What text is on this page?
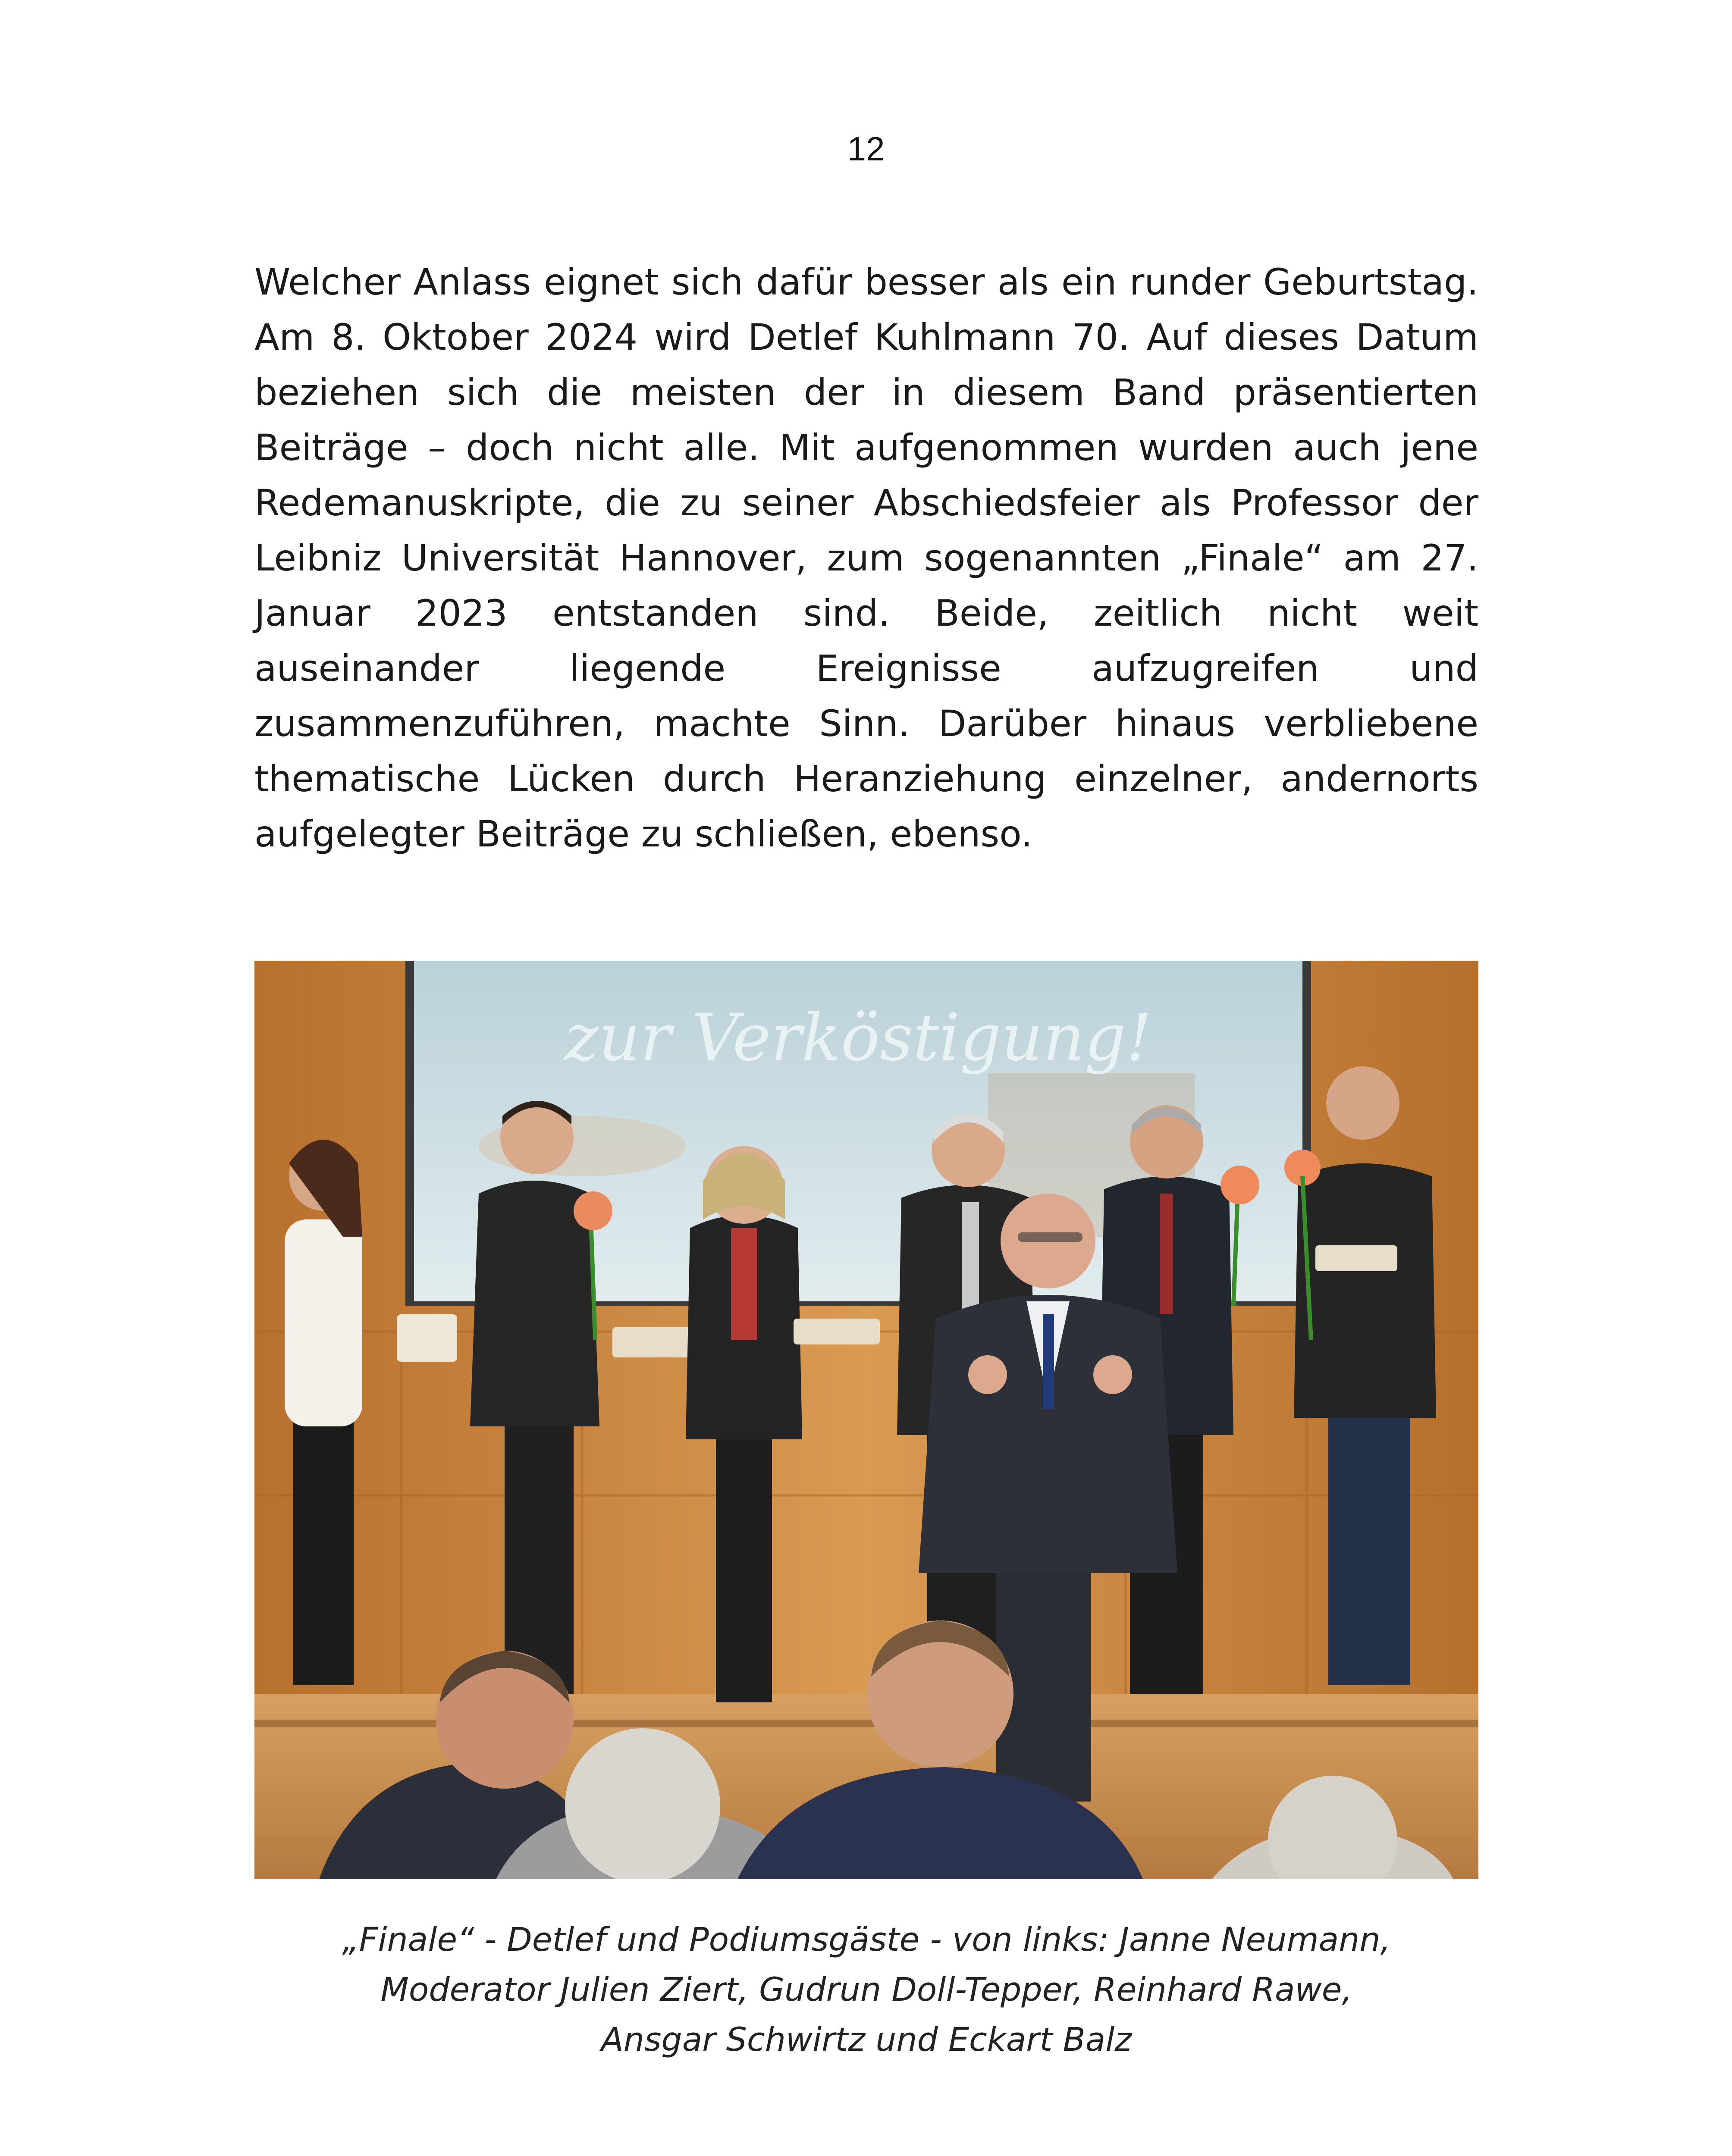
12

Welcher Anlass eignet sich dafür besser als ein runder Geburtstag. Am 8. Oktober 2024 wird Detlef Kuhlmann 70. Auf dieses Datum beziehen sich die meisten der in diesem Band präsentierten Beiträge – doch nicht alle. Mit aufgenommen wurden auch jene Redemanuskripte, die zu seiner Abschiedsfeier als Professor der Leibniz Universität Hannover, zum sogenannten „Finale“ am 27. Januar 2023 entstanden sind. Beide, zeitlich nicht weit auseinander liegende Ereignisse aufzugreifen und zusammenzuführen, machte Sinn. Darüber hinaus verbliebene thematische Lücken durch Heranziehung einzelner, andernorts aufgelegter Beiträge zu schließen, ebenso.

zur Verköstigung!
„Finale“ - Detlef und Podiumsgäste - von links: Janne Neumann,
Moderator Julien Ziert, Gudrun Doll-Tepper, Reinhard Rawe,
Ansgar Schwirtz und Eckart Balz
